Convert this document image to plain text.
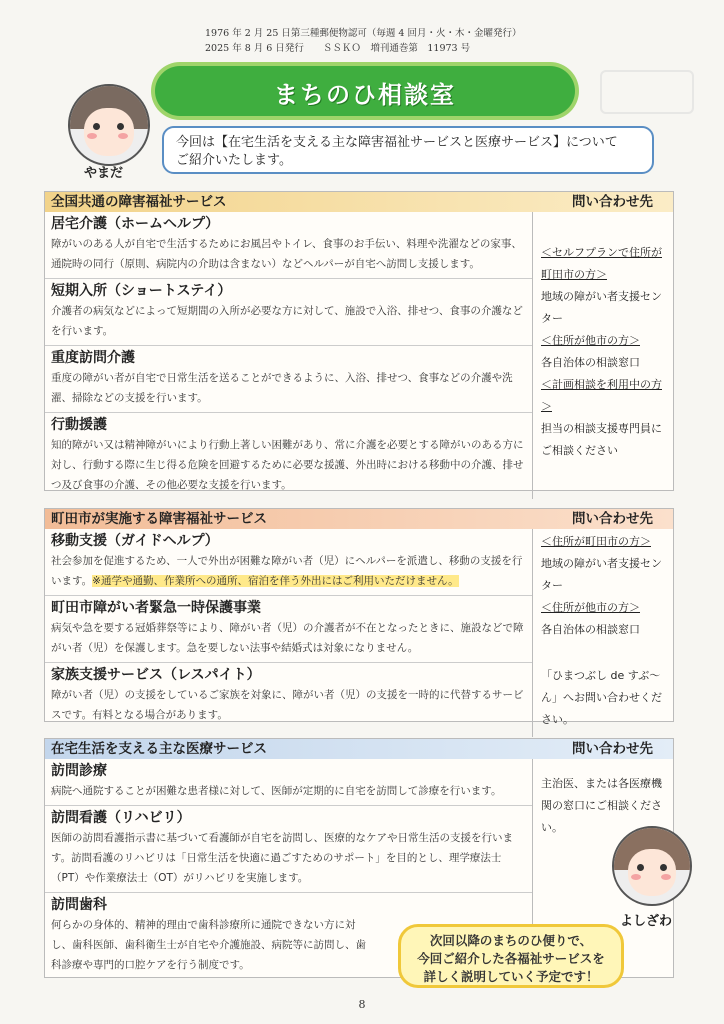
1976 年 2 月 25 日第三種郵便物認可（毎週 4 回月・火・木・金曜発行）
2025 年 8 月 6 日発行　　ＳＳＫＯ　増刊通巻第　11973 号
まちのひ相談室
やまだ
今回は【在宅生活を支える主な障害福祉サービスと医療サービス】について
ご紹介いたします。
全国共通の障害福祉サービス	問い合わせ先
居宅介護（ホームヘルプ）
障がいのある人が自宅で生活するためにお風呂やトイレ、食事のお手伝い、料理や洗濯などの家事、通院時の同行（原則、病院内の介助は含まない）などヘルパーが自宅へ訪問し支援します。
短期入所（ショートステイ）
介護者の病気などによって短期間の入所が必要な方に対して、施設で入浴、排せつ、食事の介護などを行います。
重度訪問介護
重度の障がい者が自宅で日常生活を送ることができるように、入浴、排せつ、食事などの介護や洗濯、掃除などの支援を行います。
行動援護
知的障がい又は精神障がいにより行動上著しい困難があり、常に介護を必要とする障がいのある方に対し、行動する際に生じ得る危険を回避するために必要な援護、外出時における移動中の介護、排せつ及び食事の介護、その他必要な支援を行います。
＜セルフプランで住所が町田市の方＞
地域の障がい者支援センター
＜住所が他市の方＞
各自治体の相談窓口
＜計画相談を利用中の方＞
担当の相談支援専門員にご相談ください
町田市が実施する障害福祉サービス	問い合わせ先
移動支援（ガイドヘルプ）
社会参加を促進するため、一人で外出が困難な障がい者（児）にヘルパーを派遣し、移動の支援を行います。※通学や通勤、作業所への通所、宿泊を伴う外出にはご利用いただけません。
町田市障がい者緊急一時保護事業
病気や急を要する冠婚葬祭等により、障がい者（児）の介護者が不在となったときに、施設などで障がい者（児）を保護します。急を要しない法事や結婚式は対象になりません。
家族支援サービス（レスパイト）
障がい者（児）の支援をしているご家族を対象に、障がい者（児）の支援を一時的に代替するサービスです。有料となる場合があります。
＜住所が町田市の方＞
地域の障がい者支援センター
＜住所が他市の方＞
各自治体の相談窓口
「ひまつぶし de すぶ～ん」へお問い合わせください。
在宅生活を支える主な医療サービス	問い合わせ先
訪問診療
病院へ通院することが困難な患者様に対して、医師が定期的に自宅を訪問して診療を行います。
訪問看護（リハビリ）
医師の訪問看護指示書に基づいて看護師が自宅を訪問し、医療的なケアや日常生活の支援を行います。訪問看護のリハビリは「日常生活を快適に過ごすためのサポート」を目的とし、理学療法士（PT）や作業療法士（OT）がリハビリを実施します。
訪問歯科
何らかの身体的、精神的理由で歯科診療所に通院できない方に対し、歯科医師、歯科衛生士が自宅や介護施設、病院等に訪問し、歯科診療や専門的口腔ケアを行う制度です。
主治医、または各医療機関の窓口にご相談ください。
よしざわ
次回以降のまちのひ便りで、
今回ご紹介した各福祉サービスを
詳しく説明していく予定です！
8
